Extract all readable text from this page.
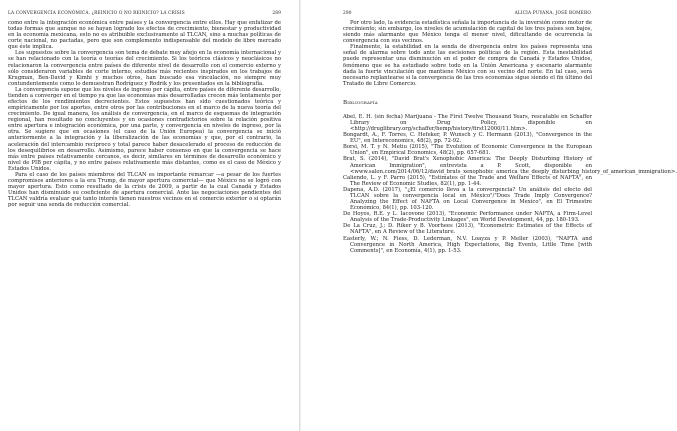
LA CONVERGENCIA ECONÓMICA. ¿REINICIO O NO REINICIO? LA CRISIS	289

como entre la integración económica entre países y la convergencia entre ellos. Hay que enfatizar de todas formas que aunque no se hayan logrado los efectos de crecimiento, bienestar y productividad en la economía mexicana, esto no es atribuible exclusivamente al TLCAN, sino a muchas políticas de corte nacional, no pactadas, pero que son complemento indispensable del modelo de libre mercado que éste implica.

Los supuestos sobre la convergencia son tema de debate muy añejo en la economía internacional y se han relacionado con la teoría o teorías del crecimiento. Si los teóricos clásicos y neoclásicos no relacionaron la convergencia entre países de diferente nivel de desarrollo con el comercio externo y sólo consideraron variables de corte interno, estudios más recientes inspirados en los trabajos de Krugman, Ben-David y Kimhi y muchos otros, han buscado esa vinculación, no siempre muy contundentemente como lo demuestran Rodríguez y Rodrik y los presentados en la bibliografía.

La convergencia supone que los niveles de ingreso per cápita, entre países de diferente desarrollo, tienden a converger en el tiempo ya que las economías más desarrolladas crecen más lentamente por efectos de los rendimientos decrecientes. Estos supuestos han sido cuestionados teórica y empíricamente por los aportes, entre otros por las contribuciones en el marco de la nueva teoría del crecimiento. De igual manera, los análisis de convergencia, en el marco de esquemas de integración regional, han resultado no concluyentes y en ocasiones contradictorios sobre la relación positiva entre apertura e integración económica, por una parte, y convergencia en niveles de ingreso, por la otra. Se sugiere que en ocasiones (el caso de la Unión Europea) la convergencia se inició anteriormente a la integración y la liberalización de las economías y que, por el contrario, la aceleración del intercambio recíproco y total parece haber desacelerado el proceso de reducción de los desequilibrios en desarrollo. Asimismo, parece haber consenso en que la convergencia se hace más entre países relativamente cercanos, es decir, similares en términos de desarrollo económico y nivel de PIB per cápita, y no entre países relativamente más distantes, como es el caso de México y Estados Unidos.

Para el caso de los países miembros del TLCAN es importante remarcar —a pesar de los fuertes compromisos anteriores a la era Trump, de mayor apertura comercial— que México no se logró con mayor apertura. Esto como resultado de la crisis de 2009, a partir de la cual Canadá y Estados Unidos han disminuido su coeficiente de apertura comercial. Ante las negociaciones pendientes del TLCAN valdría evaluar qué tanto interés tienen nuestros vecinos en el comercio exterior o si optarán por seguir una senda de reducción comercial.

290	ALICIA PUYANA, JOSÉ ROMERO

Por otro lado, la evidencia estadística señala la importancia de la inversión como motor de crecimiento; sin embargo, los niveles de acumulación de capital de los tres países son bajos, siendo más alarmante que México tenga el menor nivel, dificultando de ocurrencia la convergencia con sus vecinos.

Finalmente, la estabilidad en la senda de divergencia entre los países representa una señal de alarma sobre todo ante las escisiones políticas de la región. Esta inestabilidad puede representar una disminución en el poder de compra de Canadá y Estados Unidos, fenómeno que se ha estudiado sobre todo en la Unión Americana y escenario alarmante dada la fuerte vinculación que mantiene México con su vecino del norte. En tal caso, será necesario replantearse si la convergencia de las tres economías sigue siendo el fin último del Tratado de Libre Comercio.

Bibliografía

Abel, E. H. (sin fecha) Marijuana - The First Twelve Thousand Years, rescatable en Schaffer Library on Drug Policy, disponible en <http://druglibrary.org/schaffer/hemp/history/first12000/11.htm>.

Bongardt, A., F. Torres, C. Hefeker, P. Wunsch y C. Hermann (2013), "Convergence in the EU", en Intereconomics, 48(2), pp. 72-92.

Borsi, M. T. y N. Metiu (2015), "The Evolution of Economic Convergence in the European Union", en Empirical Economics, 48(2), pp. 657-681.

Brat, S. (2014), "David Brat's Xenophobic America: The Deeply Disturbing History of American Immigration", entrevista a P. Scott, disponible en <www.salon.com/2014/06/12/david_brats_xenophobic_america_the_deeply_disturbing_history_of_american_immigration>.

Caliendo, L. y F. Parro (2015), "Estimates of the Trade and Welfare Effects of NAFTA", en The Review of Economic Studies, 82(1), pp. 1-44.

Dapena, A.D. (2017), "¿El comercio lleva a la convergencia? Un análisis del efecto del TLCAN sobre la convergencia local en México"/"Does Trade Imply Convergence? Analyzing the Effect of NAFTA on Local Convergence in Mexico", en El Trimestre Económico, 84(1), pp. 103-120.

De Hoyos, R.E. y L. Iacovone (2013), "Economic Performance under NAFTA, a Firm-Level Analysis of the Trade-Productivity Linkages", en World Development, 44, pp. 180-193.

De La Cruz, J.; D. Riker y B. Voorhees (2013), "Econometric Estimates of the Effects of NAFTA", en A Review of the Literature.

Easterly, W.; N. Fiess, D. Lederman, N.V. Loayza y P. Meller (2003), "NAFTA and Convergence in North America, High Expectations, Big Events, Little Time [with Comments]", en Economía, 4(1), pp. 1-53.
